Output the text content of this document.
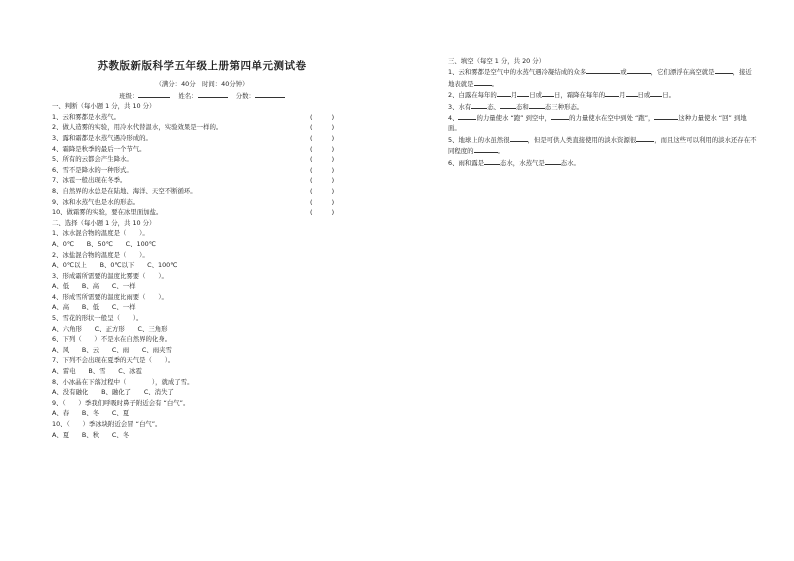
苏教版新版科学五年级上册第四单元测试卷
（满分：40分　时间：40分钟）
班级：	姓名：	分数：
一、判断（每小题 1 分，共 10 分）
1、云和雾都是水蒸气。	(　　　)
2、做人造雾的实验，用冷水代替温水，实验效果是一样的。	(　　　)
3、露和霜都是水蒸气遇冷形成的。	(　　　)
4、霜降是秋季的最后一个节气。	(　　　)
5、所有的云都会产生降水。	(　　　)
6、雪不是降水的一种形式。	(　　　)
7、冰雹一般出现在冬季。	(　　　)
8、自然界的水总是在陆地、海洋、天空不断循环。	(　　　)
9、冰和水蒸气也是水的形态。	(　　　)
10、做霜雾的实验，要在冰里面加盐。	(　　　)
二、选择（每小题 1 分，共 10 分）
1、冰水混合物的温度是（　　）。
A、0℃　　B、50℃　　C、100℃
2、冰盐混合物的温度是（　　）。
A、0℃以上　　B、0℃以下　　C、100℃
3、形成霜所需要的温度比雾要（　　）。
A、低　　B、高　　C、一样
4、形成雪所需要的温度比雨要（　　）。
A、高　　B、低　　C、一样
5、雪花的形状一般呈（　　）。
A、六角形　　C、正方形　　C、三角形
6、下列（　　）不是水在自然界的化身。
A、风　　B、云　　C、雨　　C、雨夹雪
7、下列不会出现在夏季的天气是（　　）。
A、雷电　　B、雪　　C、冰雹
8、小冰晶在下落过程中（　　　　），就成了雪。
A、没有融化　　B、融化了　　C、消失了
9、（　　）季我们呼吸时鼻子附近会有 “白气”。
A、春　　B、冬　　C、夏
10、（　　）季冰块附近会冒 “白气”。
A、夏　　B、秋　　C、冬
三、填空（每空 1 分，共 20 分）
1、云和雾都是空气中的水蒸气遇冷凝结成的众多	或	，它们漂浮在高空就是	，接近地表就是	。
2、白露在每年的 月 日或 日，霜降在每年的 月 日或 日。
3、水有	态、	态和	态三种形态。
4、	的力量使水 “跑” 到空中，	的力量使水在空中到处 “跑”，	这种力量使水 “回” 到地面。
5、地球上的水虽然很	，但是可供人类直接使用的淡水资源很	，而且这些可以利用的淡水还存在不同程度的	。
6、雨和露是	态水，水蒸气是	态水。
